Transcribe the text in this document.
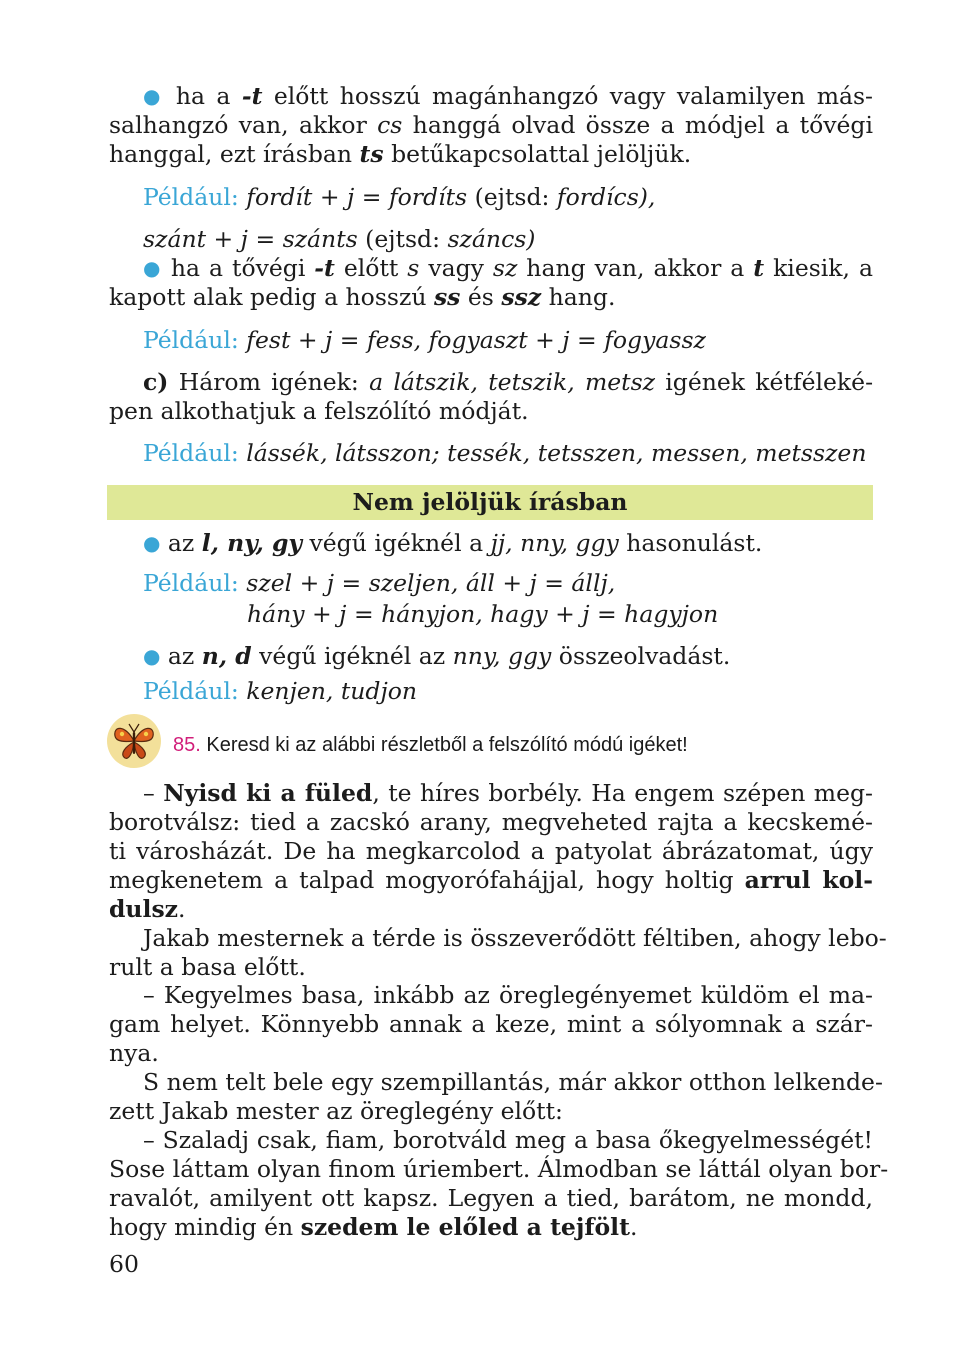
● ha a -t előtt hosszú magánhangzó vagy valamilyen más-
salhangzó van, akkor cs hanggá olvad össze a módjel a tővégi
hanggal, ezt írásban ts betűkapcsolattal jelöljük.
Például: fordít + j = fordíts (ejtsd: fordícs),
szánt + j = szánts (ejtsd: száncs)
● ha a tővégi -t előtt s vagy sz hang van, akkor a t kiesik, a
kapott alak pedig a hosszú ss és ssz hang.
Például: fest + j = fess, fogyaszt + j = fogyassz
c) Három igének: a látszik, tetszik, metsz igének kétféleké-
pen alkothatjuk a felszólító módját.
Például: lássék, látsszon; tessék, tetsszen, messen, metsszen
Nem jelöljük írásban
● az l, ny, gy végű igéknél a jj, nny, ggy hasonulást.
Például: szel + j = szeljen, áll + j = állj,
hány + j = hányjon, hagy + j = hagyjon
● az n, d végű igéknél az nny, ggy összeolvadást.
Például: kenjen, tudjon
85. Keresd ki az alábbi részletből a felszólító módú igéket!
– Nyisd ki a füled, te híres borbély. Ha engem szépen meg-
borotválsz: tied a zacskó arany, megveheted rajta a kecskemé-
ti városházát. De ha megkarcolod a patyolat ábrázatomat, úgy
megkenetem a talpad mogyorófahájjal, hogy holtig arrul kol-
dulsz.
Jakab mesternek a térde is összeverődött féltiben, ahogy lebo-
rult a basa előtt.
– Kegyelmes basa, inkább az öreglegényemet küldöm el ma-
gam helyet. Könnyebb annak a keze, mint a sólyomnak a szár-
nya.
S nem telt bele egy szempillantás, már akkor otthon lelkende-
zett Jakab mester az öreglegény előtt:
– Szaladj csak, fiam, borotváld meg a basa őkegyelmességét!
Sose láttam olyan finom úriembert. Álmodban se láttál olyan bor-
ravalót, amilyent ott kapsz. Legyen a tied, barátom, ne mondd,
hogy mindig én szedem le előled a tejfölt.
60
